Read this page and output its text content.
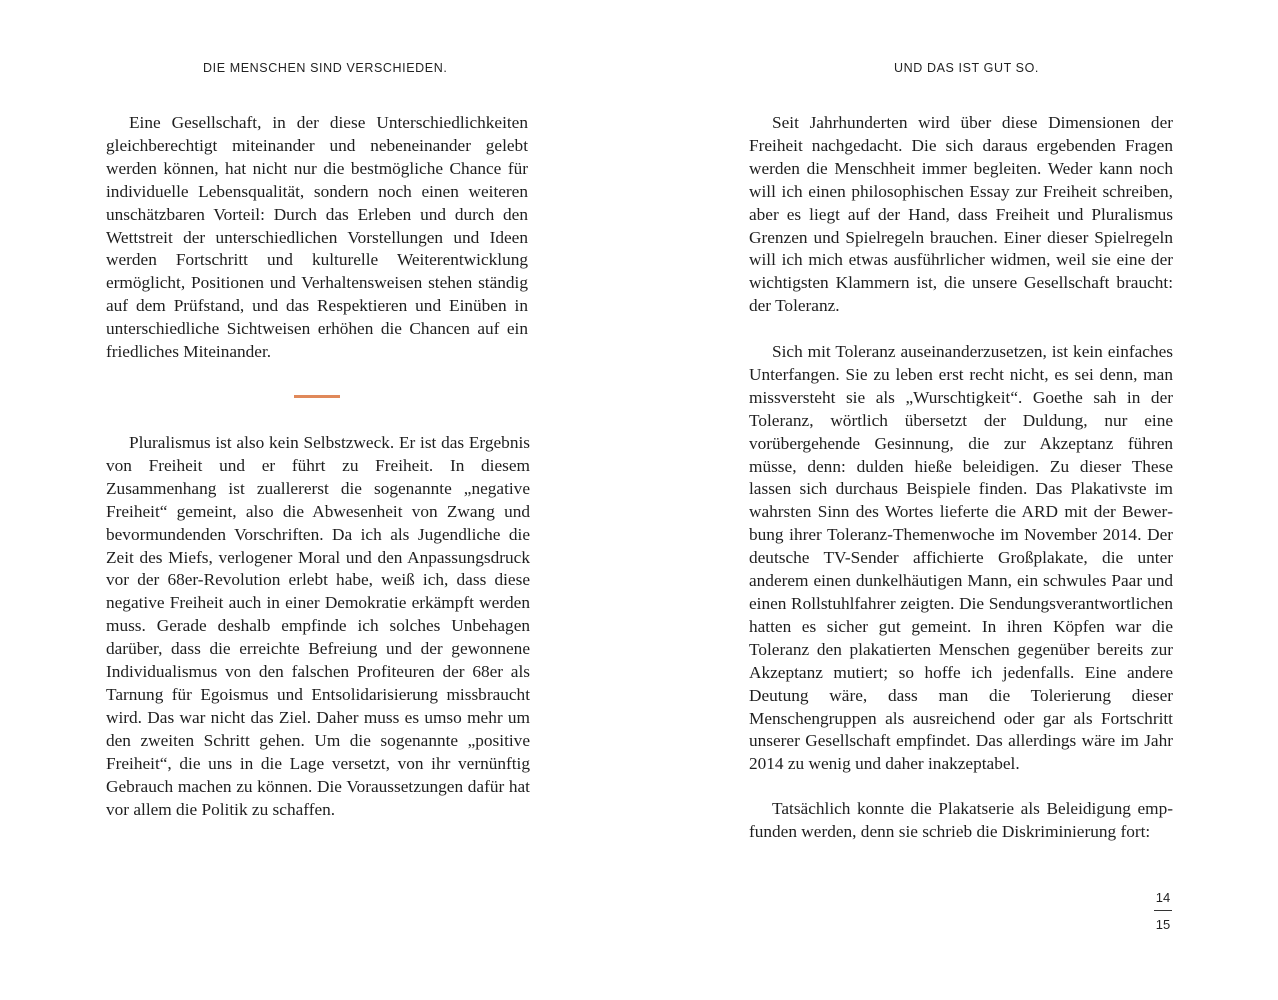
DIE MENSCHEN SIND VERSCHIEDEN.	UND DAS IST GUT SO.

Eine Gesellschaft, in der diese Unterschiedlichkeiten gleichberechtigt miteinander und nebeneinander gelebt werden können, hat nicht nur die bestmögliche Chance für individuelle Lebensqualität, sondern noch einen weiteren unschätzbaren Vorteil: Durch das Erleben und durch den Wettstreit der unterschiedlichen Vorstellungen und Ideen werden Fortschritt und kulturelle Weiterentwicklung ermöglicht, Positionen und Verhaltensweisen stehen ständig auf dem Prüfstand, und das Respektieren und Einüben in unterschiedliche Sichtweisen erhöhen die Chancen auf ein friedliches Miteinander.

Pluralismus ist also kein Selbstzweck. Er ist das Ergebnis von Freiheit und er führt zu Freiheit. In diesem Zusammenhang ist zuallererst die sogenannte „negative Freiheit“ gemeint, also die Abwesenheit von Zwang und bevormundenden Vorschriften. Da ich als Jugendliche die Zeit des Miefs, verlogener Moral und den Anpassungsdruck vor der 68er-Revolution erlebt habe, weiß ich, dass diese negative Freiheit auch in einer Demokratie erkämpft werden muss. Gerade deshalb empfinde ich solches Unbehagen darüber, dass die erreichte Befreiung und der gewonnene Individualismus von den falschen Profiteuren der 68er als Tarnung für Egoismus und Entsolidarisierung missbraucht wird. Das war nicht das Ziel. Daher muss es umso mehr um den zweiten Schritt gehen. Um die sogenannte „positive Freiheit“, die uns in die Lage versetzt, von ihr vernünftig Gebrauch machen zu können. Die Voraussetzungen dafür hat vor allem die Politik zu schaffen.

Seit Jahrhunderten wird über diese Dimensionen der Freiheit nachgedacht. Die sich daraus ergebenden Fragen werden die Menschheit immer begleiten. Weder kann noch will ich einen philosophischen Essay zur Freiheit schreiben, aber es liegt auf der Hand, dass Freiheit und Pluralismus Grenzen und Spielregeln brauchen. Einer dieser Spielregeln will ich mich etwas ausführlicher widmen, weil sie eine der wichtigsten Klammern ist, die unsere Gesellschaft braucht: der Toleranz.

Sich mit Toleranz auseinanderzusetzen, ist kein einfaches Unterfangen. Sie zu leben erst recht nicht, es sei denn, man missversteht sie als „Wurschtigkeit“. Goethe sah in der Toleranz, wörtlich übersetzt der Duldung, nur eine vorübergehende Gesinnung, die zur Akzeptanz führen müsse, denn: dulden hieße beleidigen. Zu dieser These lassen sich durchaus Beispiele finden. Das Plakativste im wahrsten Sinn des Wortes lieferte die ARD mit der Bewerbung ihrer Toleranz-Themenwoche im November 2014. Der deutsche TV-Sender affichierte Großplakate, die unter anderem einen dunkelhäutigen Mann, ein schwules Paar und einen Rollstuhlfahrer zeigten. Die Sendungsverantwortlichen hatten es sicher gut gemeint. In ihren Köpfen war die Toleranz den plakatierten Menschen gegenüber bereits zur Akzeptanz mutiert; so hoffe ich jedenfalls. Eine andere Deutung wäre, dass man die Tolerierung dieser Menschengruppen als ausreichend oder gar als Fortschritt unserer Gesellschaft empfindet. Das allerdings wäre im Jahr 2014 zu wenig und daher inakzeptabel.

Tatsächlich konnte die Plakatserie als Beleidigung empfunden werden, denn sie schrieb die Diskriminierung fort:

14
15
